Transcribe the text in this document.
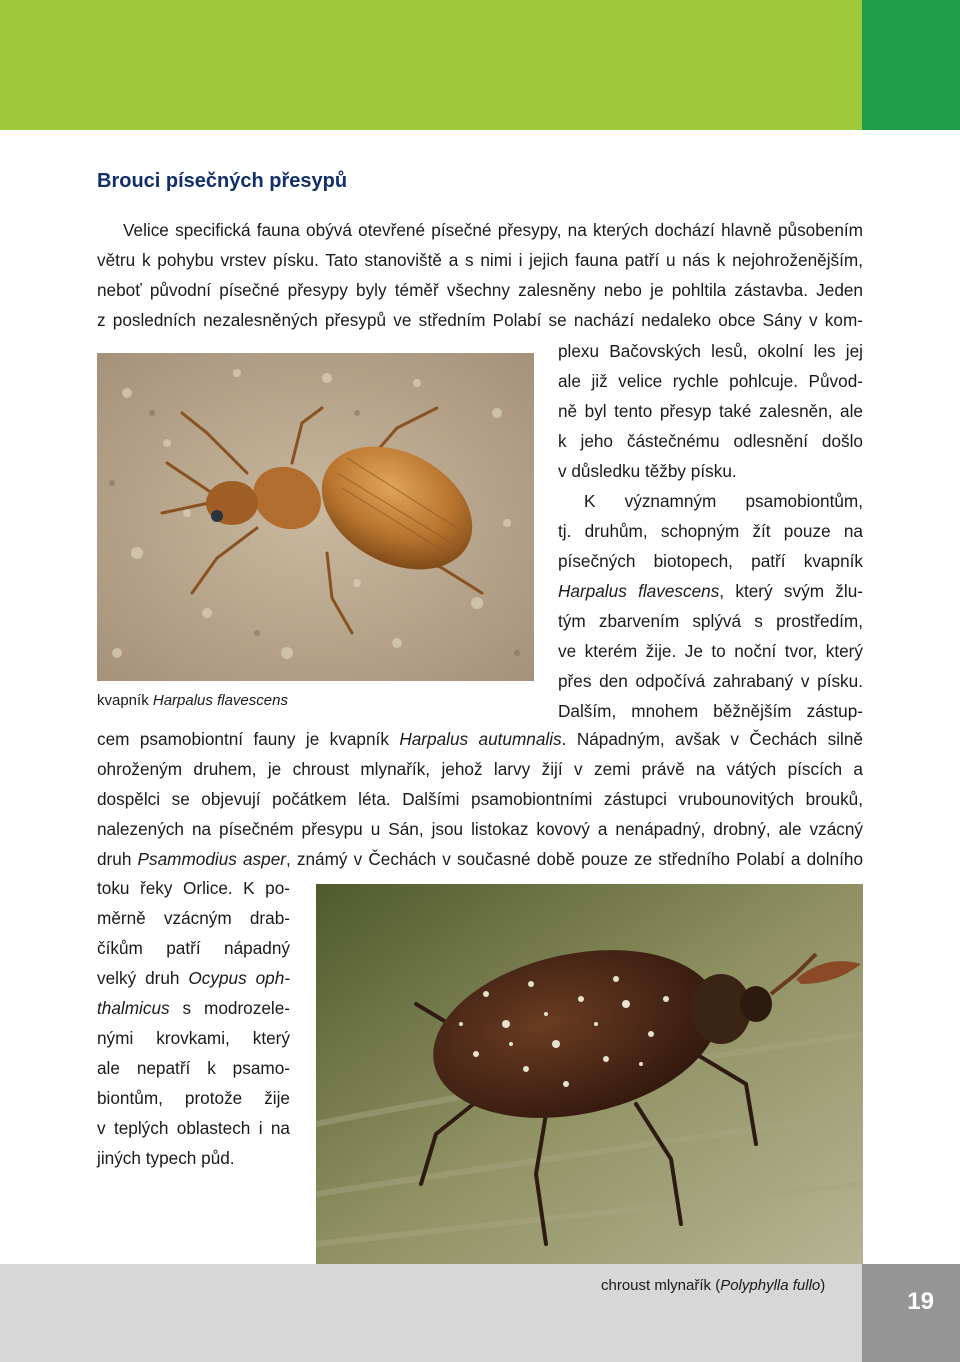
Brouci písečných přesypů
Velice specifická fauna obývá otevřené písečné přesypy, na kterých dochází hlavně působením
větru k pohybu vrstev písku. Tato stanoviště a s nimi i jejich fauna patří u nás k nejohroženějším,
neboť původní písečné přesypy byly téměř všechny zalesněny nebo je pohltila zástavba. Jeden
z posledních nezalesněných přesypů ve středním Polabí se nachází nedaleko obce Sány v kom-

kvapník Harpalus flavescens

plexu Bačovských lesů, okolní les jej
ale již velice rychle pohlcuje. Původ-
ně byl tento přesyp také zalesněn, ale
k jeho částečnému odlesnění došlo
v důsledku těžby písku.
K významným psamobiontům,
tj. druhům, schopným žít pouze na
písečných biotopech, patří kvapník
Harpalus flavescens, který svým žlu-
tým zbarvením splývá s prostředím,
ve kterém žije. Je to noční tvor, který
přes den odpočívá zahrabaný v písku.
Dalším, mnohem běžnějším zástup-
cem psamobiontní fauny je kvapník Harpalus autumnalis. Nápadným, avšak v Čechách silně
ohroženým druhem, je chroust mlynařík, jehož larvy žijí v zemi právě na vátých píscích a
dospělci se objevují počátkem léta. Dalšími psamobiontními zástupci vrubounovitých brouků,
nalezených na písečném přesypu u Sán, jsou listokaz kovový a nenápadný, drobný, ale vzácný
druh Psammodius asper, známý v Čechách v současné době pouze ze středního Polabí a dolního
toku řeky Orlice. K po-
měrně vzácným drab-
číkům patří nápadný
velký druh Ocypus oph-
thalmicus s modrozele-
nými krovkami, který
ale nepatří k psamo-
biontům, protože žije
v teplých oblastech i na
jiných typech půd.
19

chroust mlynařík (Polyphylla fullo)
